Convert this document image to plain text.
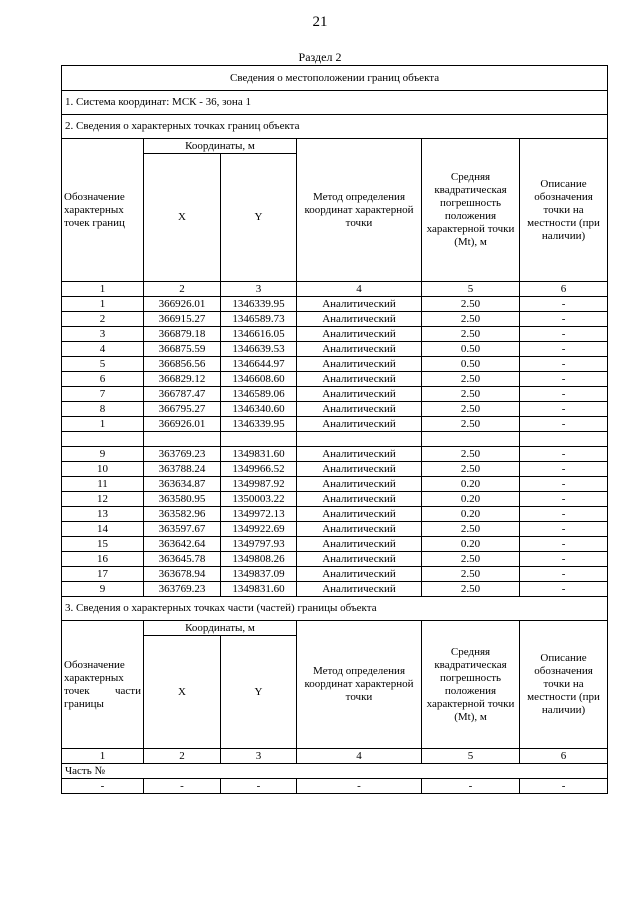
21
Раздел 2
Сведения о местоположении границ объекта					
1. Система координат: МСК - 36, зона 1					
2. Сведения о характерных точках границ объекта					
Обозначение характерных точек границ	Координаты, м		Метод определения координат характерной точки	Средняя квадратическая погрешность положения характерной точки (Mt), м	Описание обозначения точки на местности (при наличии)
	X	Y			
1	2	3	4	5	6
1	366926.01	1346339.95	Аналитический	2.50	-
2	366915.27	1346589.73	Аналитический	2.50	-
3	366879.18	1346616.05	Аналитический	2.50	-
4	366875.59	1346639.53	Аналитический	0.50	-
5	366856.56	1346644.97	Аналитический	0.50	-
6	366829.12	1346608.60	Аналитический	2.50	-
7	366787.47	1346589.06	Аналитический	2.50	-
8	366795.27	1346340.60	Аналитический	2.50	-
1	366926.01	1346339.95	Аналитический	2.50	-

9	363769.23	1349831.60	Аналитический	2.50	-
10	363788.24	1349966.52	Аналитический	2.50	-
11	363634.87	1349987.92	Аналитический	0.20	-
12	363580.95	1350003.22	Аналитический	0.20	-
13	363582.96	1349972.13	Аналитический	0.20	-
14	363597.67	1349922.69	Аналитический	2.50	-
15	363642.64	1349797.93	Аналитический	0.20	-
16	363645.78	1349808.26	Аналитический	2.50	-
17	363678.94	1349837.09	Аналитический	2.50	-
9	363769.23	1349831.60	Аналитический	2.50	-
3. Сведения о характерных точках части (частей) границы объекта					
Обозначение характерных точек части границы	Координаты, м		Метод определения координат характерной точки	Средняя квадратическая погрешность положения характерной точки (Mt), м	Описание обозначения точки на местности (при наличии)
	X	Y			
1	2	3	4	5	6
Часть №					
-	-	-	-	-	-
